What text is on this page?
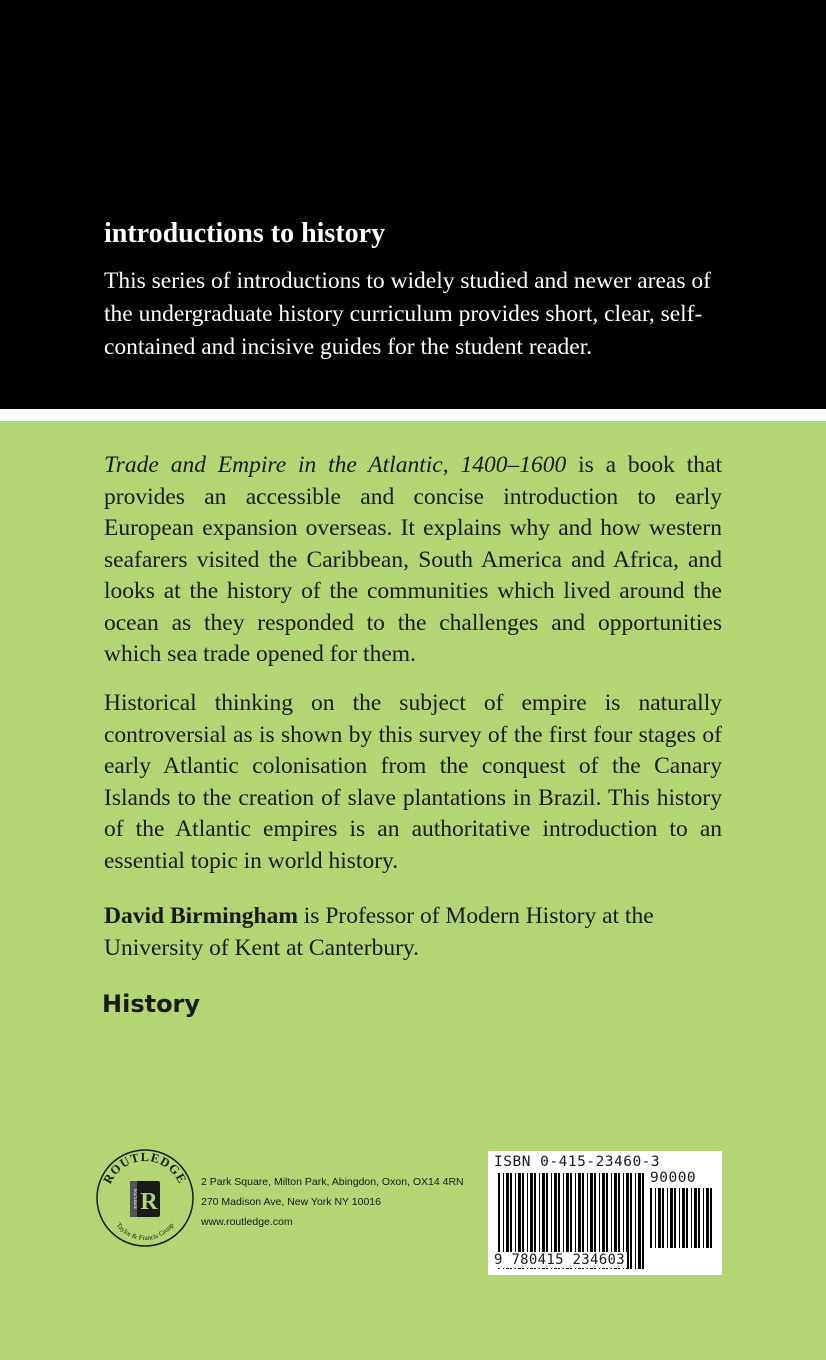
introductions to history

This series of introductions to widely studied and newer areas of the undergraduate history curriculum provides short, clear, self-contained and incisive guides for the student reader.

Trade and Empire in the Atlantic, 1400–1600 is a book that provides an accessible and concise introduction to early European expansion overseas. It explains why and how western seafarers visited the Caribbean, South America and Africa, and looks at the history of the communities which lived around the ocean as they responded to the challenges and opportunities which sea trade opened for them.

Historical thinking on the subject of empire is naturally controversial as is shown by this survey of the first four stages of early Atlantic colonisation from the conquest of the Canary Islands to the creation of slave plantations in Brazil. This history of the Atlantic empires is an authoritative introduction to an essential topic in world history.

David Birmingham is Professor of Modern History at the University of Kent at Canterbury.

History
ROUTLEDGE
Taylor & Francis Group
R
ROUTLEDGE
2 Park Square, Milton Park, Abingdon, Oxon, OX14 4RN
270 Madison Ave, New York NY 10016
www.routledge.com

ISBN 0-415-23460-3

90000

9 780415 234603
